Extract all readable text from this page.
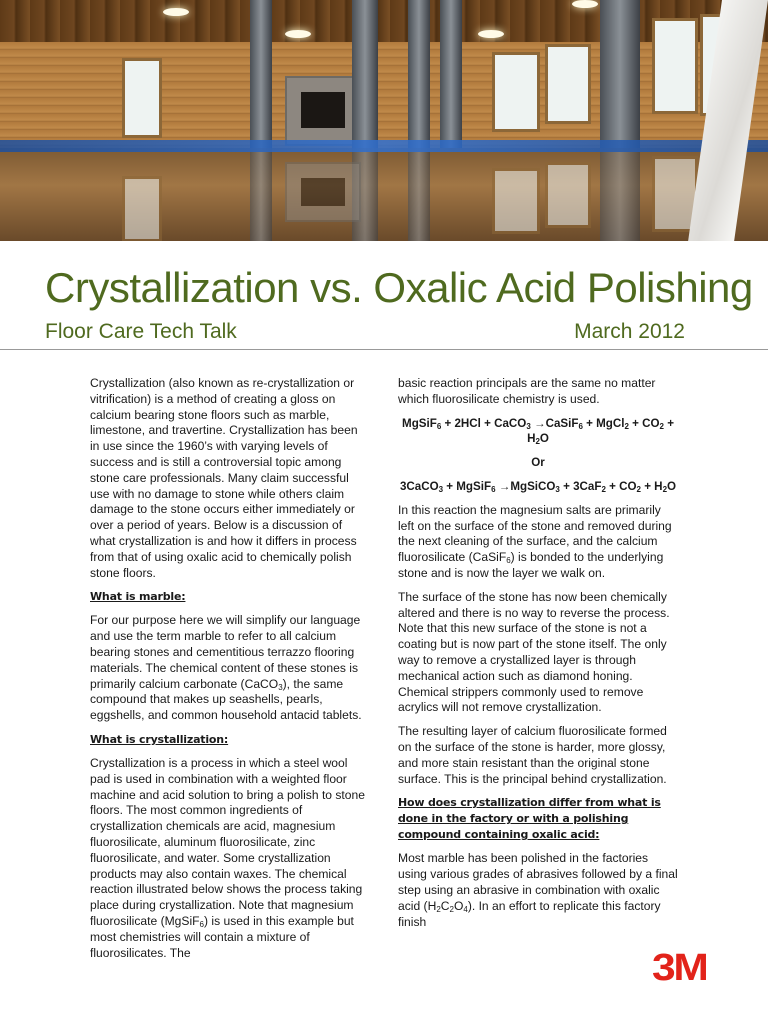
Crystallization vs. Oxalic Acid Polishing
Floor Care Tech Talk	March 2012

Crystallization (also known as re-crystallization or vitrification) is a method of creating a gloss on calcium bearing stone floors such as marble, limestone, and travertine. Crystallization has been in use since the 1960’s with varying levels of success and is still a controversial topic among stone care professionals. Many claim successful use with no damage to stone while others claim damage to the stone occurs either immediately or over a period of years. Below is a discussion of what crystallization is and how it differs in process from that of using oxalic acid to chemically polish stone floors.

What is marble:

For our purpose here we will simplify our language and use the term marble to refer to all calcium bearing stones and cementitious terrazzo flooring materials. The chemical content of these stones is primarily calcium carbonate (CaCO$_3$), the same compound that makes up seashells, pearls, eggshells, and common household antacid tablets.

What is crystallization:

Crystallization is a process in which a steel wool pad is used in combination with a weighted floor machine and acid solution to bring a polish to stone floors. The most common ingredients of crystallization chemicals are acid, magnesium fluorosilicate, aluminum fluorosilicate, zinc fluorosilicate, and water. Some crystallization products may also contain waxes. The chemical reaction illustrated below shows the process taking place during crystallization. Note that magnesium fluorosilicate (MgSiF$_6$) is used in this example but most chemistries will contain a mixture of fluorosilicates. The

basic reaction principals are the same no matter which fluorosilicate chemistry is used.

MgSiF$_6$ + 2HCl + CaCO$_3$ →CaSiF$_6$ + MgCl$_2$ + $CO_2 + H_2O$
Or
3CaCO$_3$ + MgSiF$_6$ →MgSiCO$_3$ + $3CaF_2 + CO_2 + H_2O$

In this reaction the magnesium salts are primarily left on the surface of the stone and removed during the next cleaning of the surface, and the calcium fluorosilicate (CaSiF$_6$) is bonded to the underlying stone and is now the layer we walk on.

The surface of the stone has now been chemically altered and there is no way to reverse the process. Note that this new surface of the stone is not a coating but is now part of the stone itself. The only way to remove a crystallized layer is through mechanical action such as diamond honing. Chemical strippers commonly used to remove acrylics will not remove crystallization.

The resulting layer of calcium fluorosilicate formed on the surface of the stone is harder, more glossy, and more stain resistant than the original stone surface. This is the principal behind crystallization.

How does crystallization differ from what is done in the factory or with a polishing compound containing oxalic acid:

Most marble has been polished in the factories using various grades of abrasives followed by a final step using an abrasive in combination with oxalic acid $(H_2C_2O_4)$. In an effort to replicate this factory finish

3M
